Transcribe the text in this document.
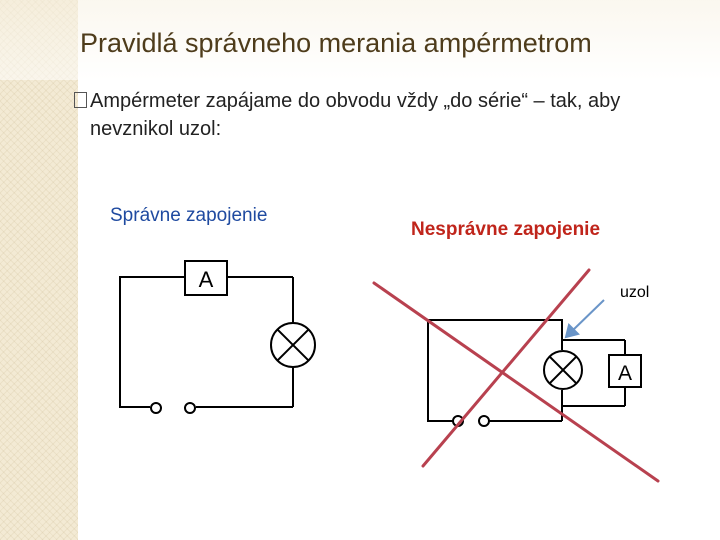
Pravidlá správneho merania ampérmetrom
Ampérmeter zapájame do obvodu vždy „do série“ – tak, aby nevznikol uzol:
Správne zapojenie
Nesprávne zapojenie
A
A
uzol
